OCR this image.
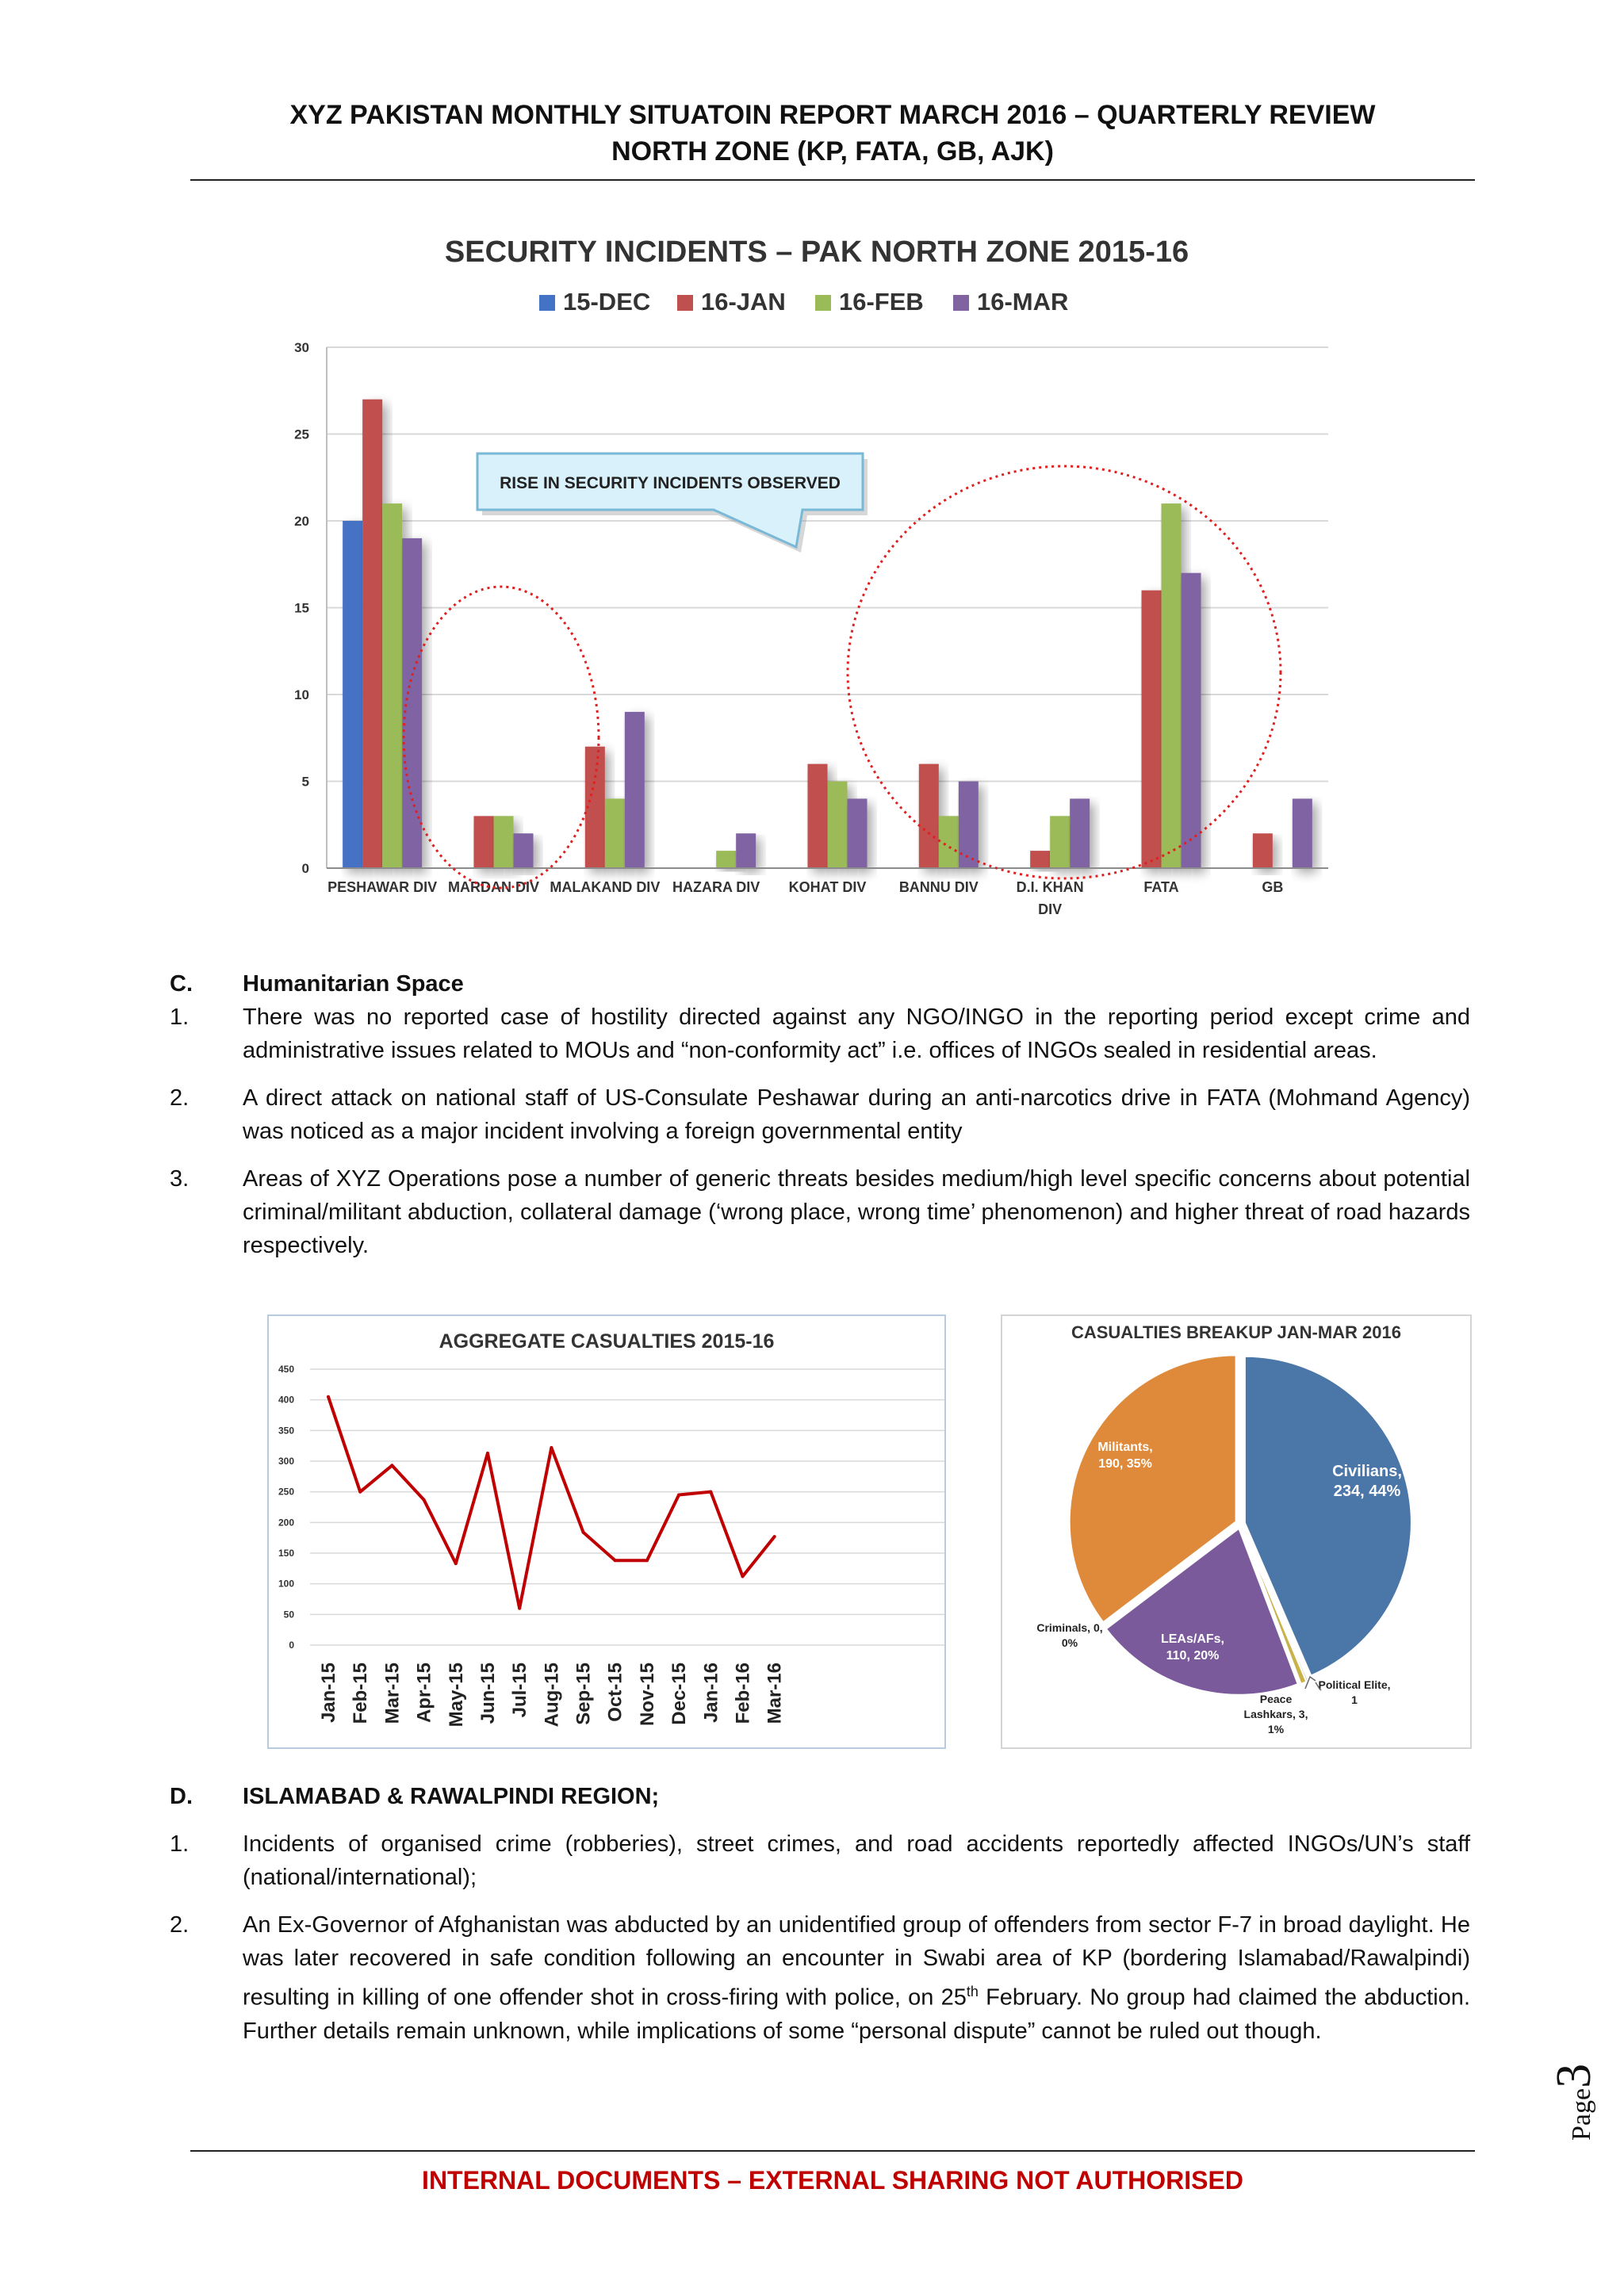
XYZ PAKISTAN MONTHLY SITUATOIN REPORT MARCH 2016 – QUARTERLY REVIEW
NORTH ZONE (KP, FATA, GB, AJK)
SECURITY INCIDENTS – PAK NORTH ZONE 2015-16
15-DEC 16-JAN 16-FEB 16-MAR
0
5
10
15
20
25
30
PESHAWAR DIV MARDAN DIV MALAKAND DIV HAZARA DIV KOHAT DIV BANNU DIV	D.I. KHAN
DIV
FATA	GB
RISE IN SECURITY INCIDENTS OBSERVED
C. Humanitarian Space
1. There was no reported case of hostility directed against any NGO/INGO in the reporting period except crime and administrative issues related to MOUs and “non-conformity act” i.e. offices of INGOs sealed in residential areas.
2. A direct attack on national staff of US-Consulate Peshawar during an anti-narcotics drive in FATA (Mohmand Agency) was noticed as a major incident involving a foreign governmental entity
3. Areas of XYZ Operations pose a number of generic threats besides medium/high level specific concerns about potential criminal/militant abduction, collateral damage (‘wrong place, wrong time’ phenomenon) and higher threat of road hazards respectively.
AGGREGATE CASUALTIES 2015-16
0
50
100
150
200
250
300
350
400
450
Jan-15 Feb-15 Mar-15 Apr-15 May-15 Jun-15 Jul-15 Aug-15 Sep-15 Oct-15 Nov-15 Dec-15 Jan-16 Feb-16 Mar-16
CASUALTIES BREAKUP JAN-MAR 2016
Civilians,
234, 44%
Militants,
190, 35%
LEAs/AFs,
110, 20%
Criminals, 0,
0%
Peace
Lashkars, 3,
1%
Political Elite,
1
D. ISLAMABAD & RAWALPINDI REGION;
1. Incidents of organised crime (robberies), street crimes, and road accidents reportedly affected INGOs/UN’s staff (national/international);
2. An Ex-Governor of Afghanistan was abducted by an unidentified group of offenders from sector F-7 in broad daylight. He was later recovered in safe condition following an encounter in Swabi area of KP (bordering Islamabad/Rawalpindi) resulting in killing of one offender shot in cross-firing with police, on 25th February. No group had claimed the abduction. Further details remain unknown, while implications of some “personal dispute” cannot be ruled out though.
Page3
INTERNAL DOCUMENTS – EXTERNAL SHARING NOT AUTHORISED
